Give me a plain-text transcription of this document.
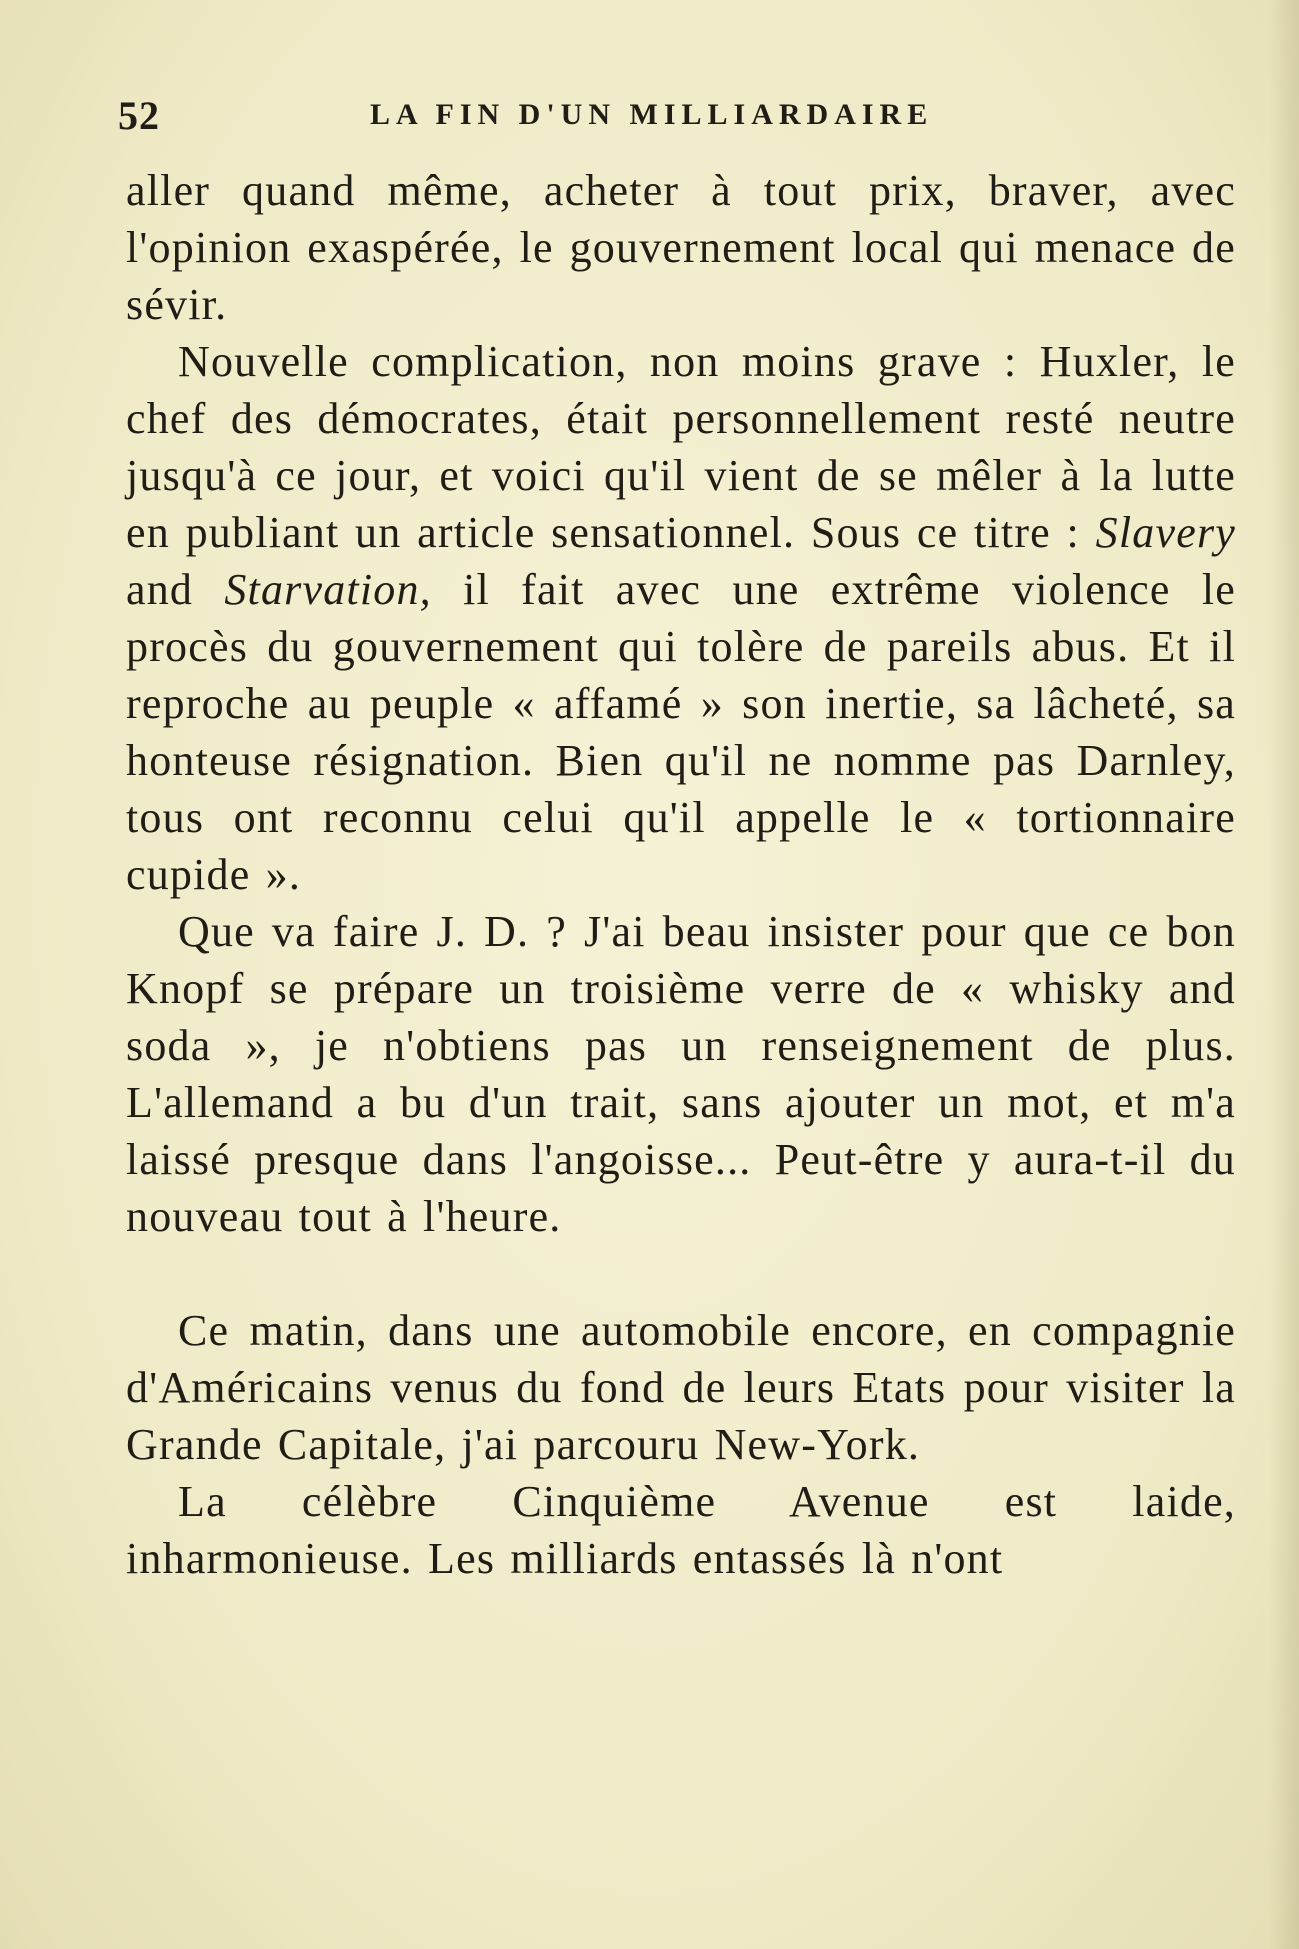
52	LA FIN D'UN MILLIARDAIRE

aller quand même, acheter à tout prix, braver, avec l'opinion exaspérée, le gouvernement local qui menace de sévir.

Nouvelle complication, non moins grave : Huxler, le chef des démocrates, était personnellement resté neutre jusqu'à ce jour, et voici qu'il vient de se mêler à la lutte en publiant un article sensationnel. Sous ce titre : Slavery and Starvation, il fait avec une extrême violence le procès du gouvernement qui tolère de pareils abus. Et il reproche au peuple « affamé » son inertie, sa lâcheté, sa honteuse résignation. Bien qu'il ne nomme pas Darnley, tous ont reconnu celui qu'il appelle le « tortionnaire cupide ».

Que va faire J. D. ? J'ai beau insister pour que ce bon Knopf se prépare un troisième verre de « whisky and soda », je n'obtiens pas un renseignement de plus. L'allemand a bu d'un trait, sans ajouter un mot, et m'a laissé presque dans l'angoisse... Peut-être y aura-t-il du nouveau tout à l'heure.

Ce matin, dans une automobile encore, en compagnie d'Américains venus du fond de leurs Etats pour visiter la Grande Capitale, j'ai parcouru New-York.

La célèbre Cinquième Avenue est laide, inharmonieuse. Les milliards entassés là n'ont
